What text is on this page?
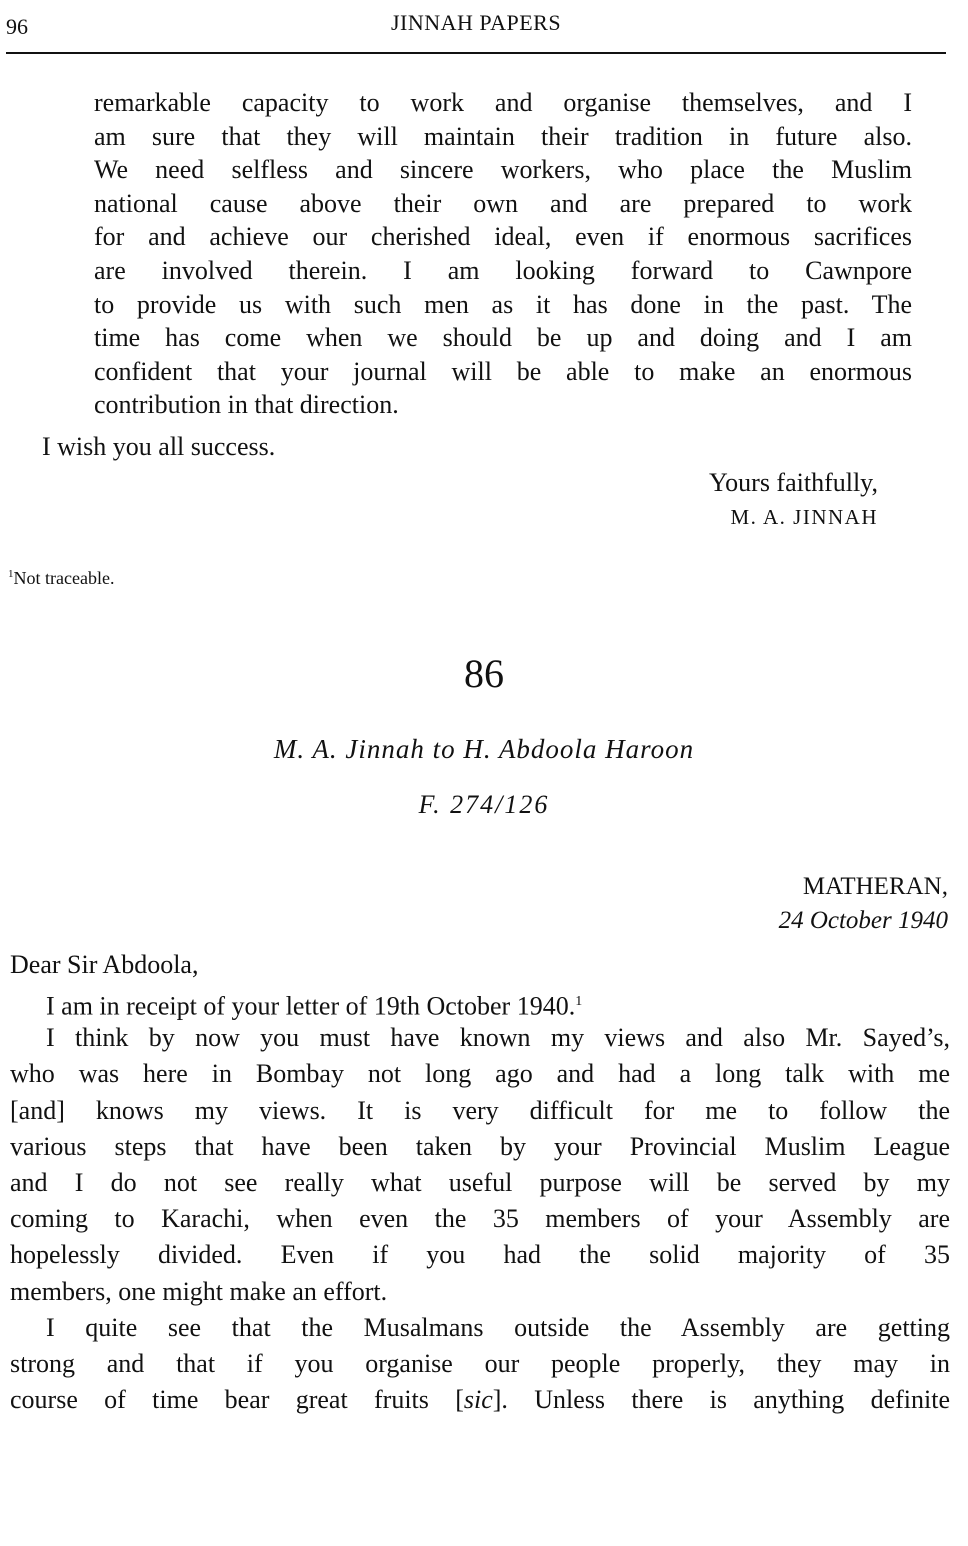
96	JINNAH PAPERS
remarkable capacity to work and organise themselves, and I
am sure that they will maintain their tradition in future also.
We need selfless and sincere workers, who place the Muslim
national cause above their own and are prepared to work
for and achieve our cherished ideal, even if enormous sacrifices
are involved therein. I am looking forward to Cawnpore
to provide us with such men as it has done in the past. The
time has come when we should be up and doing and I am
confident that your journal will be able to make an enormous
contribution in that direction.
I wish you all success.
Yours faithfully,
M. A. JINNAH
$^1$Not traceable.
86
M. A. Jinnah to H. Abdoola Haroon
F. 274/126
MATHERAN,
24 October 1940
Dear Sir Abdoola,
I am in receipt of your letter of 19th October 1940.$^1$
I think by now you must have known my views and also Mr. Sayed’s,
who was here in Bombay not long ago and had a long talk with me
[and] knows my views. It is very difficult for me to follow the
various steps that have been taken by your Provincial Muslim League
and I do not see really what useful purpose will be served by my
coming to Karachi, when even the 35 members of your Assembly are
hopelessly divided. Even if you had the solid majority of 35
members, one might make an effort.
I quite see that the Musalmans outside the Assembly are getting
strong and that if you organise our people properly, they may in
course of time bear great fruits [sic]. Unless there is anything definite
